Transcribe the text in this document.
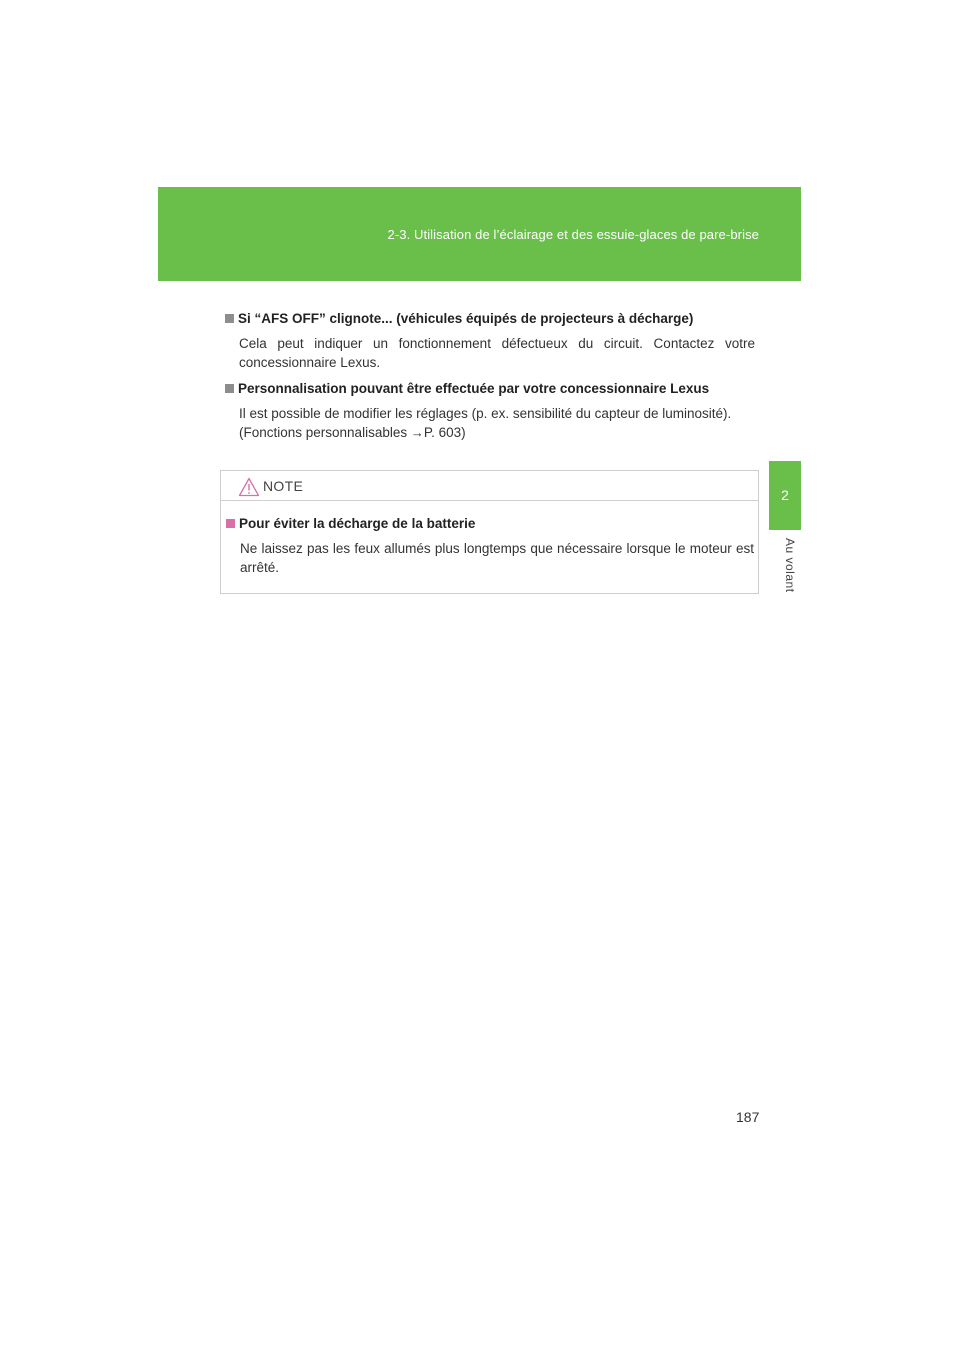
2-3. Utilisation de l’éclairage et des essuie-glaces de pare-brise
2
Au volant
Si “AFS OFF” clignote... (véhicules équipés de projecteurs à décharge)
Cela peut indiquer un fonctionnement défectueux du circuit. Contactez votre concessionnaire Lexus.
Personnalisation pouvant être effectuée par votre concessionnaire Lexus
Il est possible de modifier les réglages (p. ex. sensibilité du capteur de luminosité).
(Fonctions personnalisables →P. 603)
NOTE
Pour éviter la décharge de la batterie
Ne laissez pas les feux allumés plus longtemps que nécessaire lorsque le moteur est arrêté.
187
